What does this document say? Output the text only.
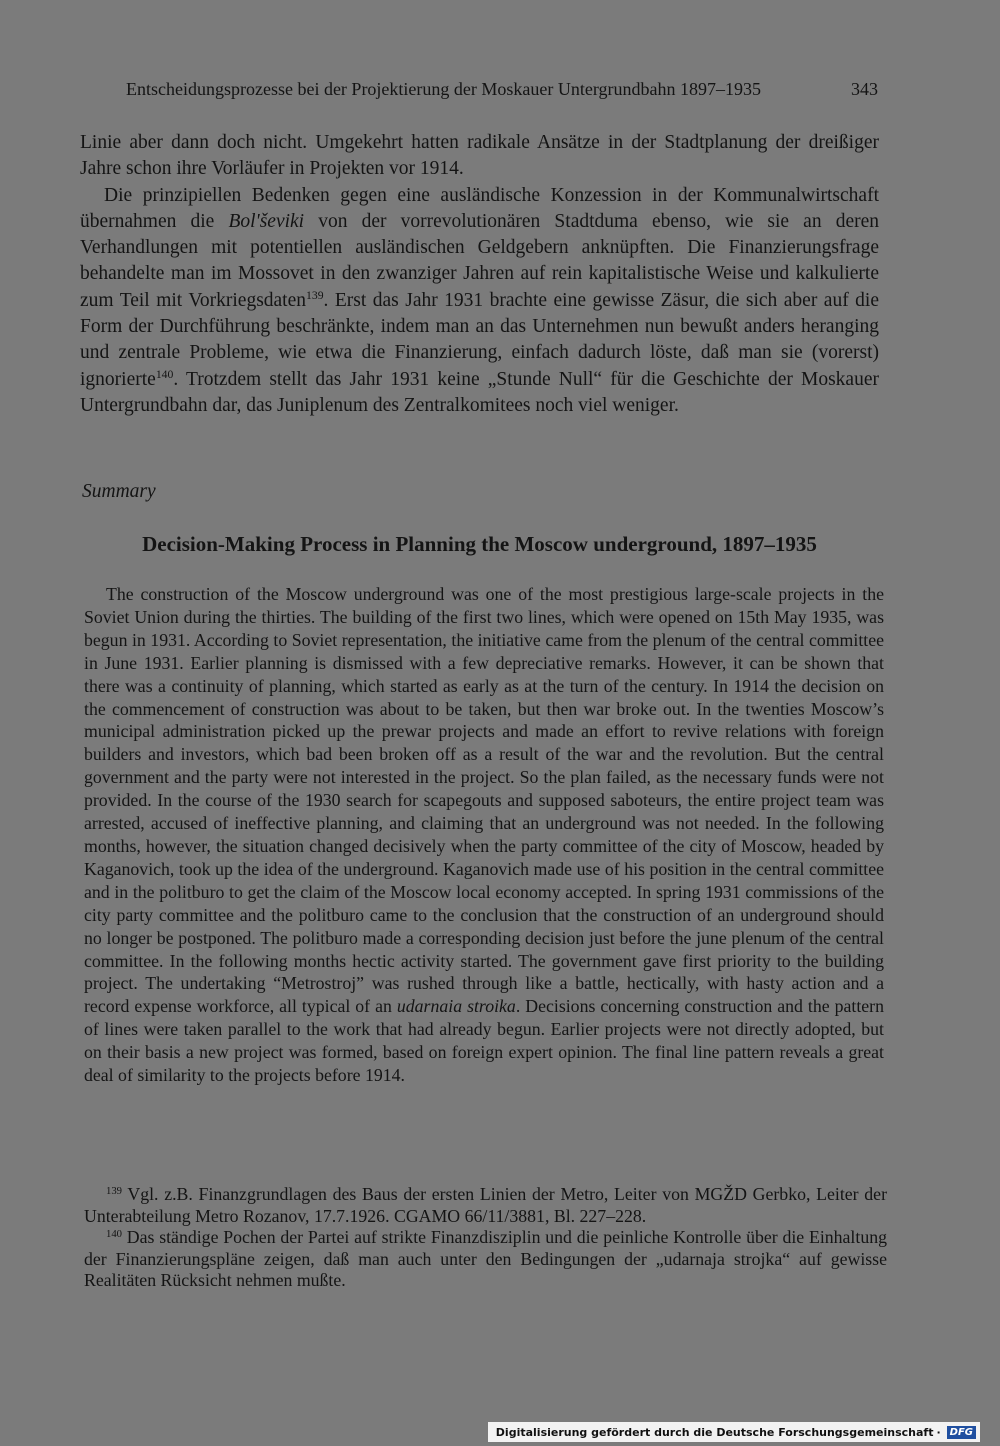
Entscheidungsprozesse bei der Projektierung der Moskauer Untergrundbahn 1897–1935	343

Linie aber dann doch nicht. Umgekehrt hatten radikale Ansätze in der Stadtplanung der dreißiger Jahre schon ihre Vorläufer in Projekten vor 1914.

Die prinzipiellen Bedenken gegen eine ausländische Konzession in der Kommunalwirtschaft übernahmen die Bol'ševiki von der vorrevolutionären Stadtduma ebenso, wie sie an deren Verhandlungen mit potentiellen ausländischen Geldgebern anknüpften. Die Finanzierungsfrage behandelte man im Mossovet in den zwanziger Jahren auf rein kapitalistische Weise und kalkulierte zum Teil mit Vorkriegsdaten$^{139}$. Erst das Jahr 1931 brachte eine gewisse Zäsur, die sich aber auf die Form der Durchführung beschränkte, indem man an das Unternehmen nun bewußt anders heranging und zentrale Probleme, wie etwa die Finanzierung, einfach dadurch löste, daß man sie (vorerst) ignorierte$^{140}$. Trotzdem stellt das Jahr 1931 keine „Stunde Null“ für die Geschichte der Moskauer Untergrundbahn dar, das Juniplenum des Zentralkomitees noch viel weniger.

Summary
Decision-Making Process in Planning the Moscow underground, 1897–1935

The construction of the Moscow underground was one of the most prestigious large-scale projects in the Soviet Union during the thirties. The building of the first two lines, which were opened on 15th May 1935, was begun in 1931. According to Soviet representation, the initiative came from the plenum of the central committee in June 1931. Earlier planning is dismissed with a few depreciative remarks. However, it can be shown that there was a continuity of planning, which started as early as at the turn of the century. In 1914 the decision on the commencement of construction was about to be taken, but then war broke out. In the twenties Moscow’s municipal administration picked up the prewar projects and made an effort to revive relations with foreign builders and investors, which bad been broken off as a result of the war and the revolution. But the central government and the party were not interested in the project. So the plan failed, as the necessary funds were not provided. In the course of the 1930 search for scapegouts and supposed saboteurs, the entire project team was arrested, accused of ineffective planning, and claiming that an underground was not needed. In the following months, however, the situation changed decisively when the party committee of the city of Moscow, headed by Kaganovich, took up the idea of the underground. Kaganovich made use of his position in the central committee and in the politburo to get the claim of the Moscow local economy accepted. In spring 1931 commissions of the city party committee and the politburo came to the conclusion that the construction of an underground should no longer be postponed. The politburo made a corresponding decision just before the june plenum of the central committee. In the following months hectic activity started. The government gave first priority to the building project. The undertaking “Metrostroj” was rushed through like a battle, hectically, with hasty action and a record expense workforce, all typical of an udarnaia stroika. Decisions concerning construction and the pattern of lines were taken parallel to the work that had already begun. Earlier projects were not directly adopted, but on their basis a new project was formed, based on foreign expert opinion. The final line pattern reveals a great deal of similarity to the projects before 1914.

$^{139}$ Vgl. z.B. Finanzgrundlagen des Baus der ersten Linien der Metro, Leiter von MGŽD Gerbko, Leiter der Unterabteilung Metro Rozanov, 17.7.1926. CGAMO 66/11/3881, Bl. 227–228.

$^{140}$ Das ständige Pochen der Partei auf strikte Finanzdisziplin und die peinliche Kontrolle über die Einhaltung der Finanzierungspläne zeigen, daß man auch unter den Bedingungen der „udarnaja strojka“ auf gewisse Realitäten Rücksicht nehmen mußte.

Digitalisierung gefördert durch die Deutsche Forschungsgemeinschaft · DFG
